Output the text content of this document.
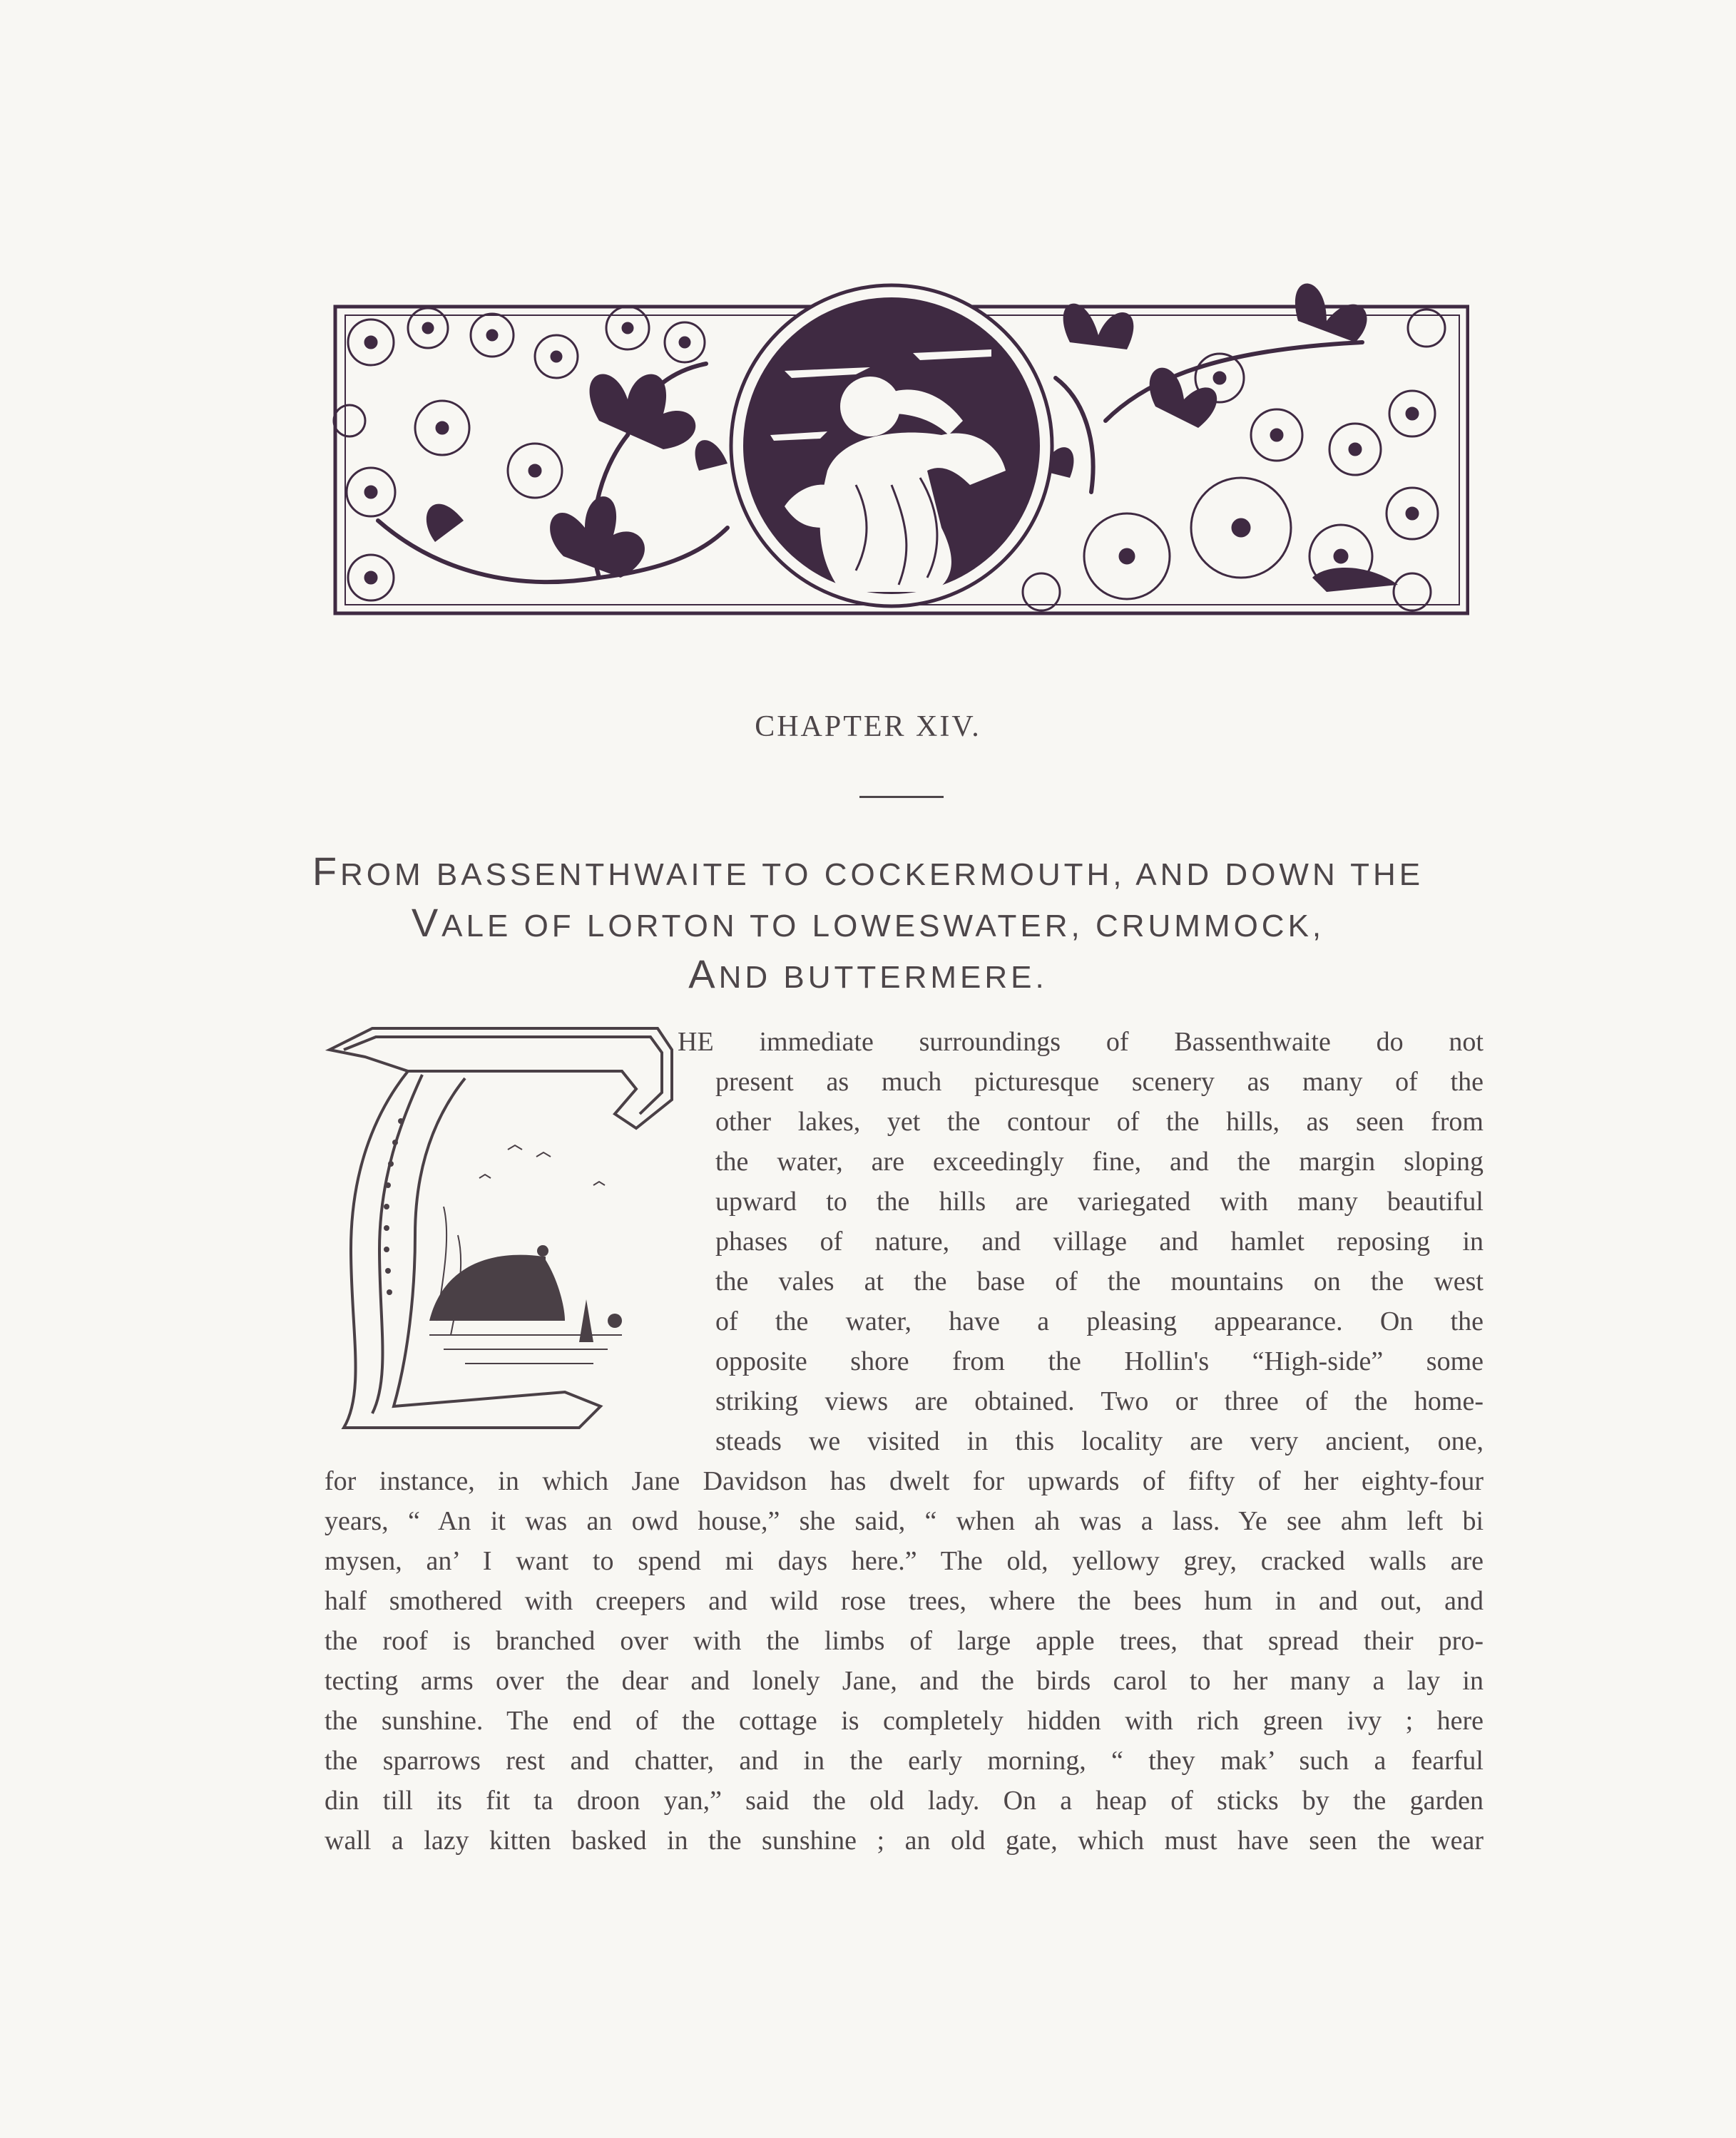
CHAPTER XIV.
FROM BASSENTHWAITE TO COCKERMOUTH, AND DOWN THE
VALE OF LORTON TO LOWESWATER, CRUMMOCK,
AND BUTTERMERE.
HE immediate surroundings of Bassenthwaite do not
present as much picturesque scenery as many of the
other lakes, yet the contour of the hills, as seen from
the water, are exceedingly fine, and the margin sloping
upward to the hills are variegated with many beautiful
phases of nature, and village and hamlet reposing in
the vales at the base of the mountains on the west
of the water, have a pleasing appearance. On the
opposite shore from the Hollin's “High-side” some
striking views are obtained. Two or three of the home-
steads we visited in this locality are very ancient, one,
for instance, in which Jane Davidson has dwelt for upwards of fifty of her eighty-four
years, “ An it was an owd house,” she said, “ when ah was a lass. Ye see ahm left bi
mysen, an’ I want to spend mi days here.” The old, yellowy grey, cracked walls are
half smothered with creepers and wild rose trees, where the bees hum in and out, and
the roof is branched over with the limbs of large apple trees, that spread their pro-
tecting arms over the dear and lonely Jane, and the birds carol to her many a lay in
the sunshine. The end of the cottage is completely hidden with rich green ivy ; here
the sparrows rest and chatter, and in the early morning, “ they mak’ such a fearful
din till its fit ta droon yan,” said the old lady. On a heap of sticks by the garden
wall a lazy kitten basked in the sunshine ; an old gate, which must have seen the wear
